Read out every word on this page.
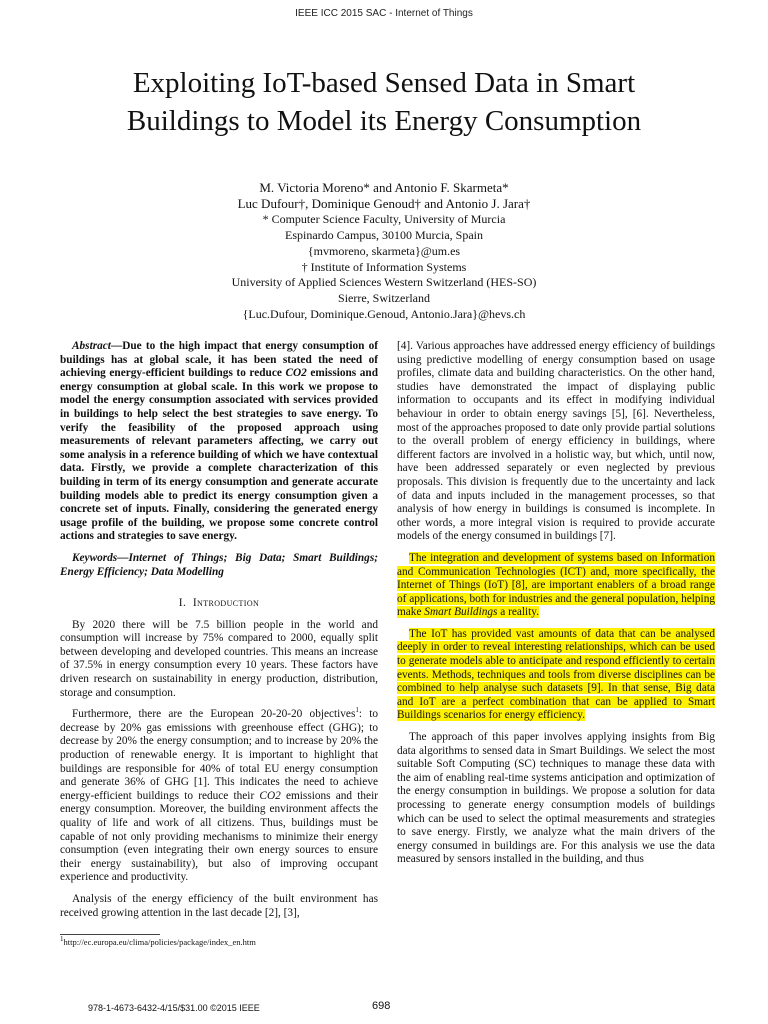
IEEE ICC 2015 SAC - Internet of Things
Exploiting IoT-based Sensed Data in Smart
Buildings to Model its Energy Consumption
M. Victoria Moreno* and Antonio F. Skarmeta*
Luc Dufour†, Dominique Genoud† and Antonio J. Jara†
* Computer Science Faculty, University of Murcia
Espinardo Campus, 30100 Murcia, Spain
{mvmoreno, skarmeta}@um.es
† Institute of Information Systems
University of Applied Sciences Western Switzerland (HES-SO)
Sierre, Switzerland
{Luc.Dufour, Dominique.Genoud, Antonio.Jara}@hevs.ch

Abstract—Due to the high impact that energy consumption of buildings has at global scale, it has been stated the need of achieving energy-efficient buildings to reduce CO2 emissions and energy consumption at global scale. In this work we propose to model the energy consumption associated with services provided in buildings to help select the best strategies to save energy. To verify the feasibility of the proposed approach using measurements of relevant parameters affecting, we carry out some analysis in a reference building of which we have contextual data. Firstly, we provide a complete characterization of this building in term of its energy consumption and generate accurate building models able to predict its energy consumption given a concrete set of inputs. Finally, considering the generated energy usage profile of the building, we propose some concrete control actions and strategies to save energy.

Keywords—Internet of Things; Big Data; Smart Buildings; Energy Efficiency; Data Modelling

I. Introduction

By 2020 there will be 7.5 billion people in the world and consumption will increase by 75% compared to 2000, equally split between developing and developed countries. This means an increase of 37.5% in energy consumption every 10 years. These factors have driven research on sustainability in energy production, distribution, storage and consumption.

Furthermore, there are the European 20-20-20 objectives$^1$: to decrease by 20% gas emissions with greenhouse effect (GHG); to decrease by 20% the energy consumption; and to increase by 20% the production of renewable energy. It is important to highlight that buildings are responsible for 40% of total EU energy consumption and generate 36% of GHG [1]. This indicates the need to achieve energy-efficient buildings to reduce their CO2 emissions and their energy consumption. Moreover, the building environment affects the quality of life and work of all citizens. Thus, buildings must be capable of not only providing mechanisms to minimize their energy consumption (even integrating their own energy sources to ensure their energy sustainability), but also of improving occupant experience and productivity.

Analysis of the energy efficiency of the built environment has received growing attention in the last decade [2], [3],

$^1$http://ec.europa.eu/clima/policies/package/index_en.htm

[4]. Various approaches have addressed energy efficiency of buildings using predictive modelling of energy consumption based on usage profiles, climate data and building characteristics. On the other hand, studies have demonstrated the impact of displaying public information to occupants and its effect in modifying individual behaviour in order to obtain energy savings [5], [6]. Nevertheless, most of the approaches proposed to date only provide partial solutions to the overall problem of energy efficiency in buildings, where different factors are involved in a holistic way, but which, until now, have been addressed separately or even neglected by previous proposals. This division is frequently due to the uncertainty and lack of data and inputs included in the management processes, so that analysis of how energy in buildings is consumed is incomplete. In other words, a more integral vision is required to provide accurate models of the energy consumed in buildings [7].

The integration and development of systems based on Information and Communication Technologies (ICT) and, more specifically, the Internet of Things (IoT) [8], are important enablers of a broad range of applications, both for industries and the general population, helping make Smart Buildings a reality.

The IoT has provided vast amounts of data that can be analysed deeply in order to reveal interesting relationships, which can be used to generate models able to anticipate and respond efficiently to certain events. Methods, techniques and tools from diverse disciplines can be combined to help analyse such datasets [9]. In that sense, Big data and IoT are a perfect combination that can be applied to Smart Buildings scenarios for energy efficiency.

The approach of this paper involves applying insights from Big data algorithms to sensed data in Smart Buildings. We select the most suitable Soft Computing (SC) techniques to manage these data with the aim of enabling real-time systems anticipation and optimization of the energy consumption in buildings. We propose a solution for data processing to generate energy consumption models of buildings which can be used to select the optimal measurements and strategies to save energy. Firstly, we analyze what the main drivers of the energy consumed in buildings are. For this analysis we use the data measured by sensors installed in the building, and thus

978-1-4673-6432-4/15/$31.00 ©2015 IEEE	698
